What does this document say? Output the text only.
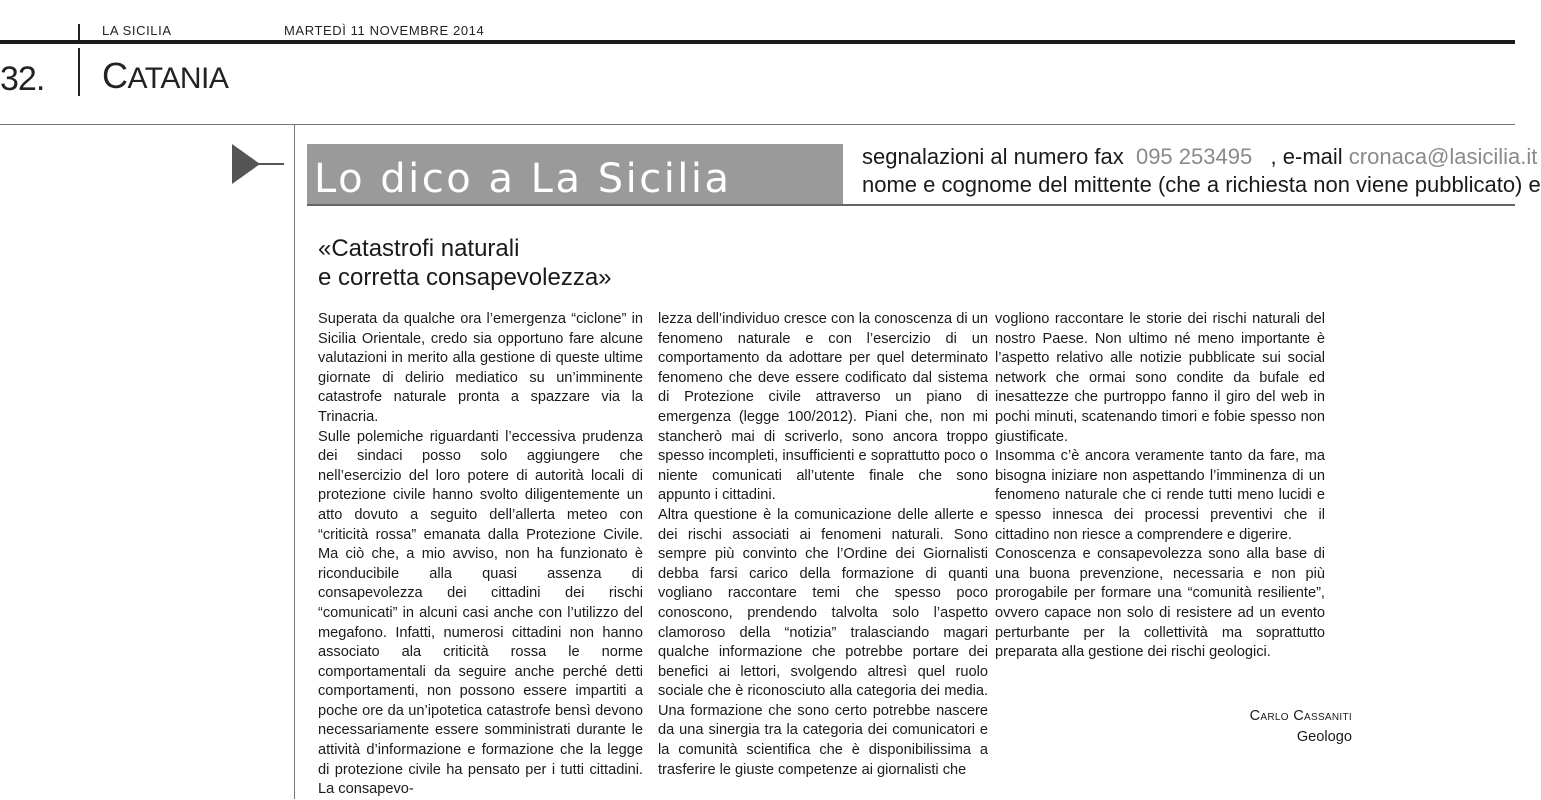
LA SICILIA	MARTEDÌ 11 NOVEMBRE 2014
32. CATANIA
Lo dico a La Sicilia	segnalazioni al numero fax 095 253495 , e-mail cronaca@lasicilia.it
nome e cognome del mittente (che a richiesta non viene pubblicato) e
«Catastrofi naturali
e corretta consapevolezza»

Superata da qualche ora l’emergenza “ciclone” in Sicilia Orientale, credo sia opportuno fare alcune valutazioni in merito alla gestione di queste ultime giornate di delirio mediatico su un’imminente catastrofe naturale pronta a spazzare via la Trinacria.

Sulle polemiche riguardanti l’eccessiva prudenza dei sindaci posso solo aggiungere che nell’esercizio del loro potere di autorità locali di protezione civile hanno svolto diligentemente un atto dovuto a seguito dell’allerta meteo con “criticità rossa” emanata dalla Protezione Civile. Ma ciò che, a mio avviso, non ha funzionato è riconducibile alla quasi assenza di consapevolezza dei cittadini dei rischi “comunicati” in alcuni casi anche con l’utilizzo del megafono. Infatti, numerosi cittadini non hanno associato ala criticità rossa le norme comportamentali da seguire anche perché detti comportamenti, non possono essere impartiti a poche ore da un’ipotetica catastrofe bensì devono necessariamente essere somministrati durante le attività d’informazione e formazione che la legge di protezione civile ha pensato per i tutti cittadini. La consapevo-

lezza dell’individuo cresce con la conoscenza di un fenomeno naturale e con l’esercizio di un comportamento da adottare per quel determinato fenomeno che deve essere codificato dal sistema di Protezione civile attraverso un piano di emergenza (legge 100/2012). Piani che, non mi stancherò mai di scriverlo, sono ancora troppo spesso incompleti, insufficienti e soprattutto poco o niente comunicati all’utente finale che sono appunto i cittadini.

Altra questione è la comunicazione delle allerte e dei rischi associati ai fenomeni naturali. Sono sempre più convinto che l’Ordine dei Giornalisti debba farsi carico della formazione di quanti vogliano raccontare temi che spesso poco conoscono, prendendo talvolta solo l’aspetto clamoroso della “notizia” tralasciando magari qualche informazione che potrebbe portare dei benefici ai lettori, svolgendo altresì quel ruolo sociale che è riconosciuto alla categoria dei media. Una formazione che sono certo potrebbe nascere da una sinergia tra la categoria dei comunicatori e la comunità scientifica che è disponibilissima a trasferire le giuste competenze ai giornalisti che

vogliono raccontare le storie dei rischi naturali del nostro Paese. Non ultimo né meno importante è l’aspetto relativo alle notizie pubblicate sui social network che ormai sono condite da bufale ed inesattezze che purtroppo fanno il giro del web in pochi minuti, scatenando timori e fobie spesso non giustificate.

Insomma c’è ancora veramente tanto da fare, ma bisogna iniziare non aspettando l’imminenza di un fenomeno naturale che ci rende tutti meno lucidi e spesso innesca dei processi preventivi che il cittadino non riesce a comprendere e digerire.

Conoscenza e consapevolezza sono alla base di una buona prevenzione, necessaria e non più prorogabile per formare una “comunità resiliente”, ovvero capace non solo di resistere ad un evento perturbante per la collettività ma soprattutto preparata alla gestione dei rischi geologici.

Carlo Cassaniti
Geologo
